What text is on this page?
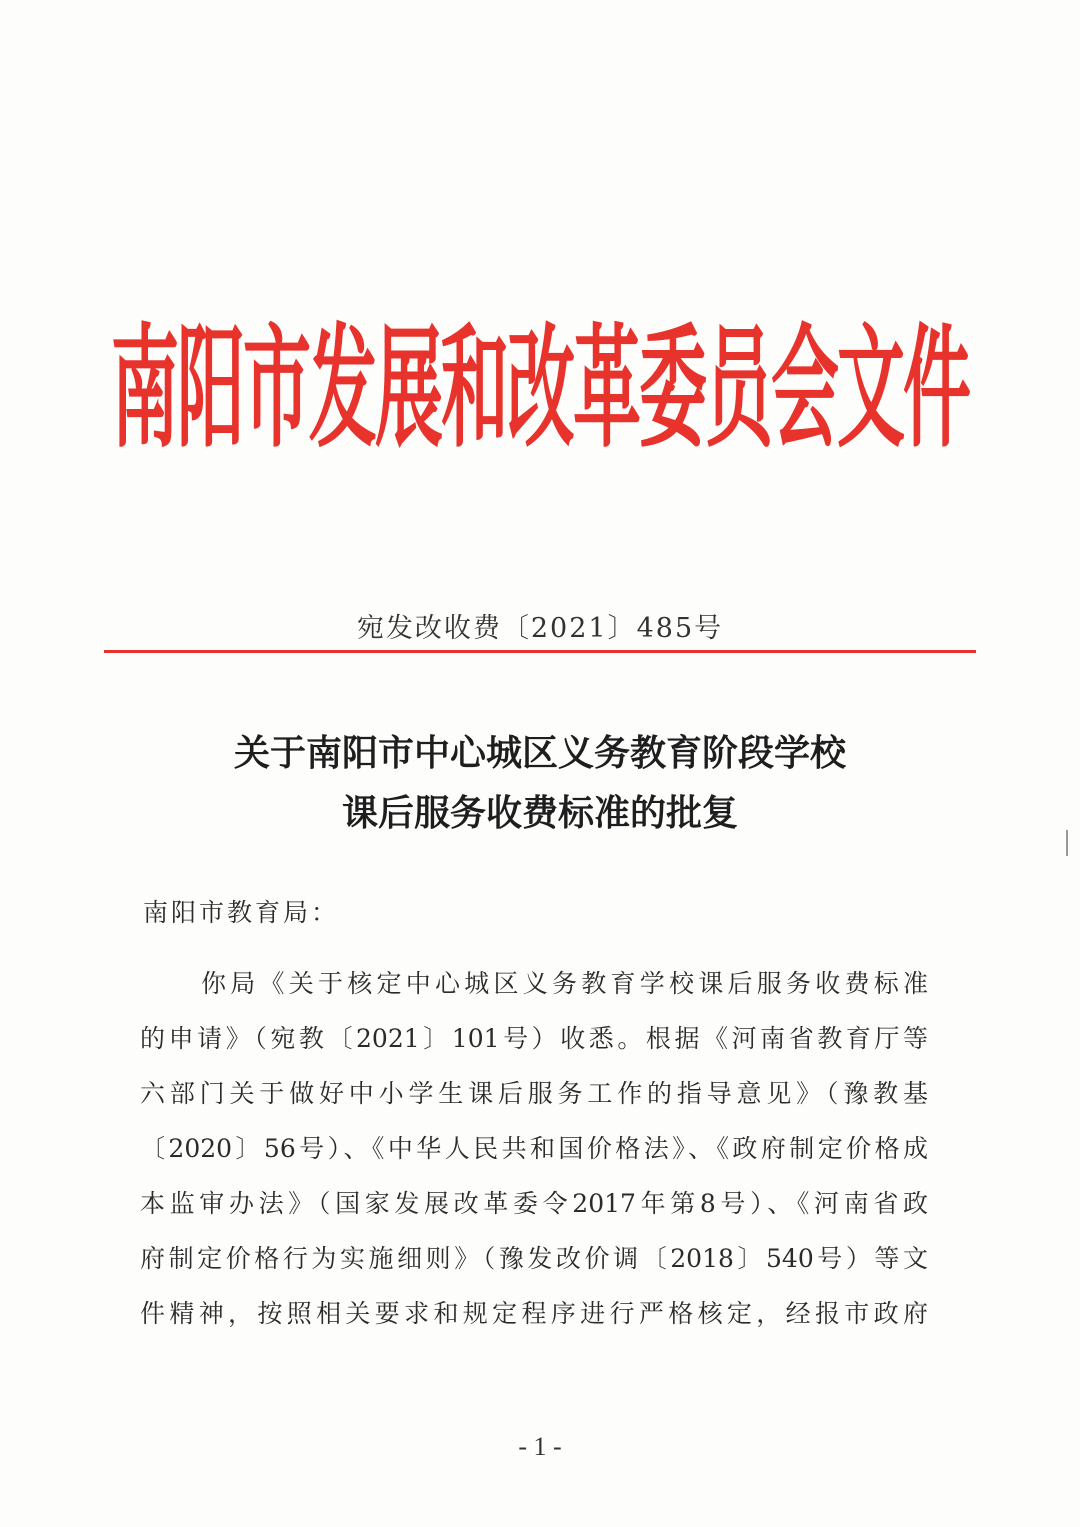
南阳市发展和改革委员会文件
宛发改收费〔2021〕485号
关于南阳市中心城区义务教育阶段学校
课后服务收费标准的批复
南阳市教育局：
你局《关于核定中心城区义务教育学校课后服务收费标准
的申请》（宛教〔2021〕101号）收悉。根据《河南省教育厅等
六部门关于做好中小学生课后服务工作的指导意见》（豫教基
〔2020〕56号）、《中华人民共和国价格法》、《政府制定价格成
本监审办法》（国家发展改革委令2017年第8号）、《河南省政
府制定价格行为实施细则》（豫发改价调〔2018〕540号）等文
件精神，按照相关要求和规定程序进行严格核定，经报市政府
- 1 -
